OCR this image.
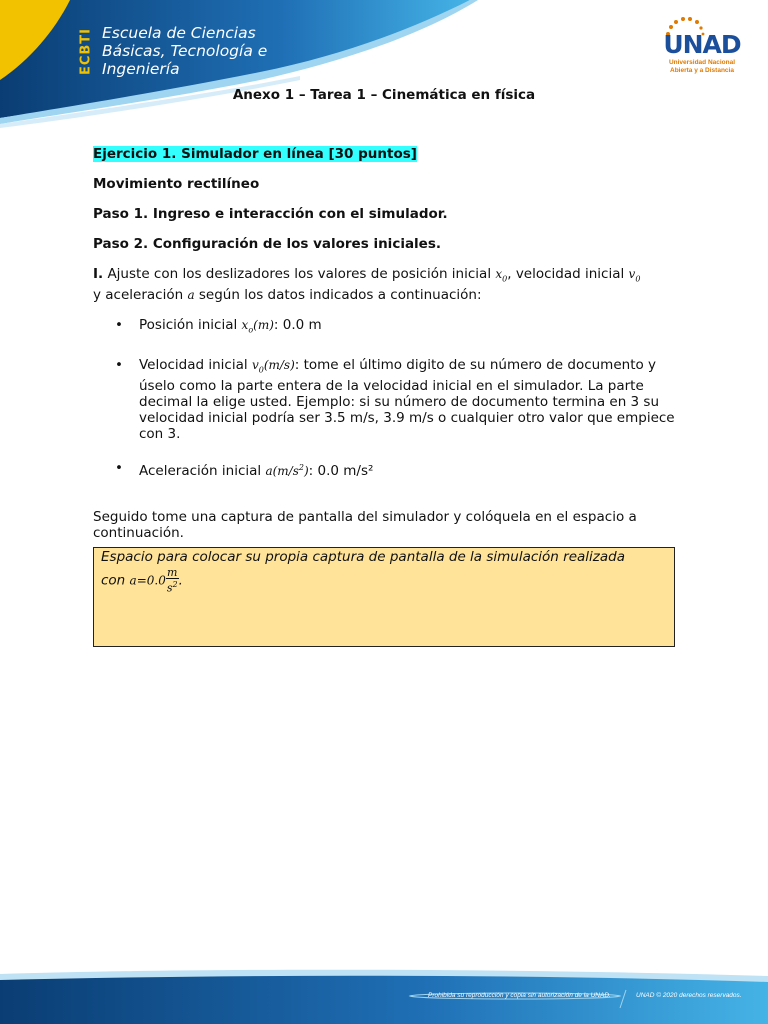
ECBTI Escuela de Ciencias
Básicas, Tecnología e
Ingeniería
UNAD
Universidad Nacional
Abierta y a Distancia
Anexo 1 – Tarea 1 – Cinemática en física

Ejercicio 1. Simulador en línea [30 puntos]

Movimiento rectilíneo

Paso 1. Ingreso e interacción con el simulador.

Paso 2. Configuración de los valores iniciales.

I. Ajuste con los deslizadores los valores de posición inicial $x_0$, velocidad inicial $v_0$
y aceleración a según los datos indicados a continuación:

• Posición inicial $x_o(m)$: 0.0 m
• Velocidad inicial $v_0(m/s)$: tome el último digito de su número de documento y úselo como la parte entera de la velocidad inicial en el simulador. La parte decimal la elige usted. Ejemplo: si su número de documento termina en 3 su velocidad inicial podría ser 3.5 m/s, 3.9 m/s o cualquier otro valor que empiece con 3.
• Aceleración inicial $a(m/s^2)$: 0.0 m/s²

Seguido tome una captura de pantalla del simulador y colóquela en el espacio a continuación.

Espacio para colocar su propia captura de pantalla de la simulación realizada
con $a=0.0 \frac{m}{s^2}$ .
Prohibida su reproducción y copia sin autorización de la UNAD.	UNAD © 2020 derechos reservados.
